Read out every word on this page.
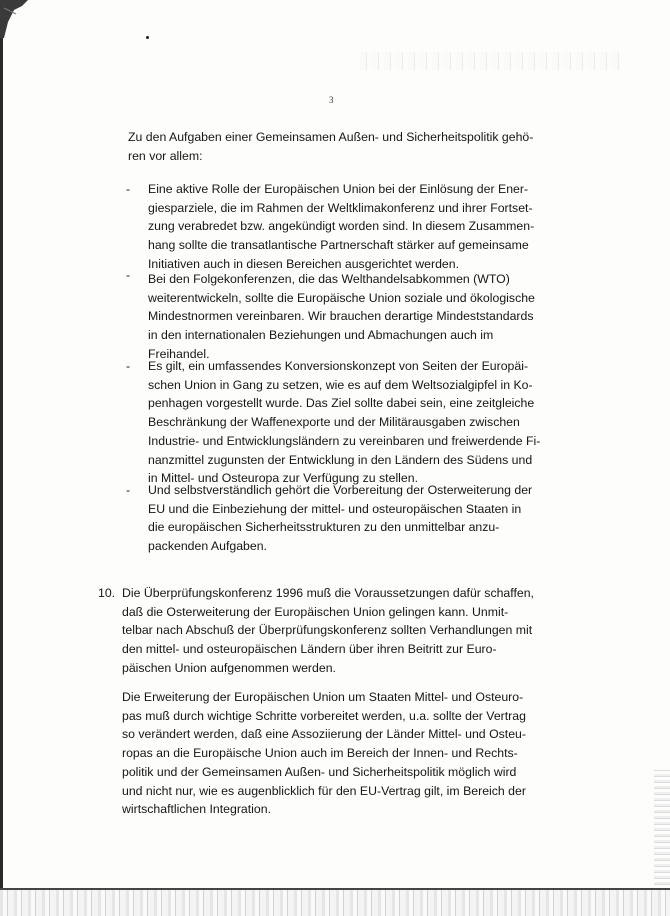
3

Zu den Aufgaben einer Gemeinsamen Außen- und Sicherheitspolitik gehö-
ren vor allem:

- Eine aktive Rolle der Europäischen Union bei der Einlösung der Ener-
giesparziele, die im Rahmen der Weltklimakonferenz und ihrer Fortset-
zung verabredet bzw. angekündigt worden sind. In diesem Zusammen-
hang sollte die transatlantische Partnerschaft stärker auf gemeinsame
Initiativen auch in diesen Bereichen ausgerichtet werden.

- Bei den Folgekonferenzen, die das Welthandelsabkommen (WTO)
weiterentwickeln, sollte die Europäische Union soziale und ökologische
Mindestnormen vereinbaren. Wir brauchen derartige Mindeststandards
in den internationalen Beziehungen und Abmachungen auch im
Freihandel.

- Es gilt, ein umfassendes Konversionskonzept von Seiten der Europäi-
schen Union in Gang zu setzen, wie es auf dem Weltsozialgipfel in Ko-
penhagen vorgestellt wurde. Das Ziel sollte dabei sein, eine zeitgleiche
Beschränkung der Waffenexporte und der Militärausgaben zwischen
Industrie- und Entwicklungsländern zu vereinbaren und freiwerdende Fi-
nanzmittel zugunsten der Entwicklung in den Ländern des Südens und
in Mittel- und Osteuropa zur Verfügung zu stellen.

- Und selbstverständlich gehört die Vorbereitung der Osterweiterung der
EU und die Einbeziehung der mittel- und osteuropäischen Staaten in
die europäischen Sicherheitsstrukturen zu den unmittelbar anzu-
packenden Aufgaben.

10. Die Überprüfungskonferenz 1996 muß die Voraussetzungen dafür schaffen,
daß die Osterweiterung der Europäischen Union gelingen kann. Unmit-
telbar nach Abschuß der Überprüfungskonferenz sollten Verhandlungen mit
den mittel- und osteuropäischen Ländern über ihren Beitritt zur Euro-
päischen Union aufgenommen werden.

Die Erweiterung der Europäischen Union um Staaten Mittel- und Osteuro-
pas muß durch wichtige Schritte vorbereitet werden, u.a. sollte der Vertrag
so verändert werden, daß eine Assoziierung der Länder Mittel- und Osteu-
ropas an die Europäische Union auch im Bereich der Innen- und Rechts-
politik und der Gemeinsamen Außen- und Sicherheitspolitik möglich wird
und nicht nur, wie es augenblicklich für den EU-Vertrag gilt, im Bereich der
wirtschaftlichen Integration.
